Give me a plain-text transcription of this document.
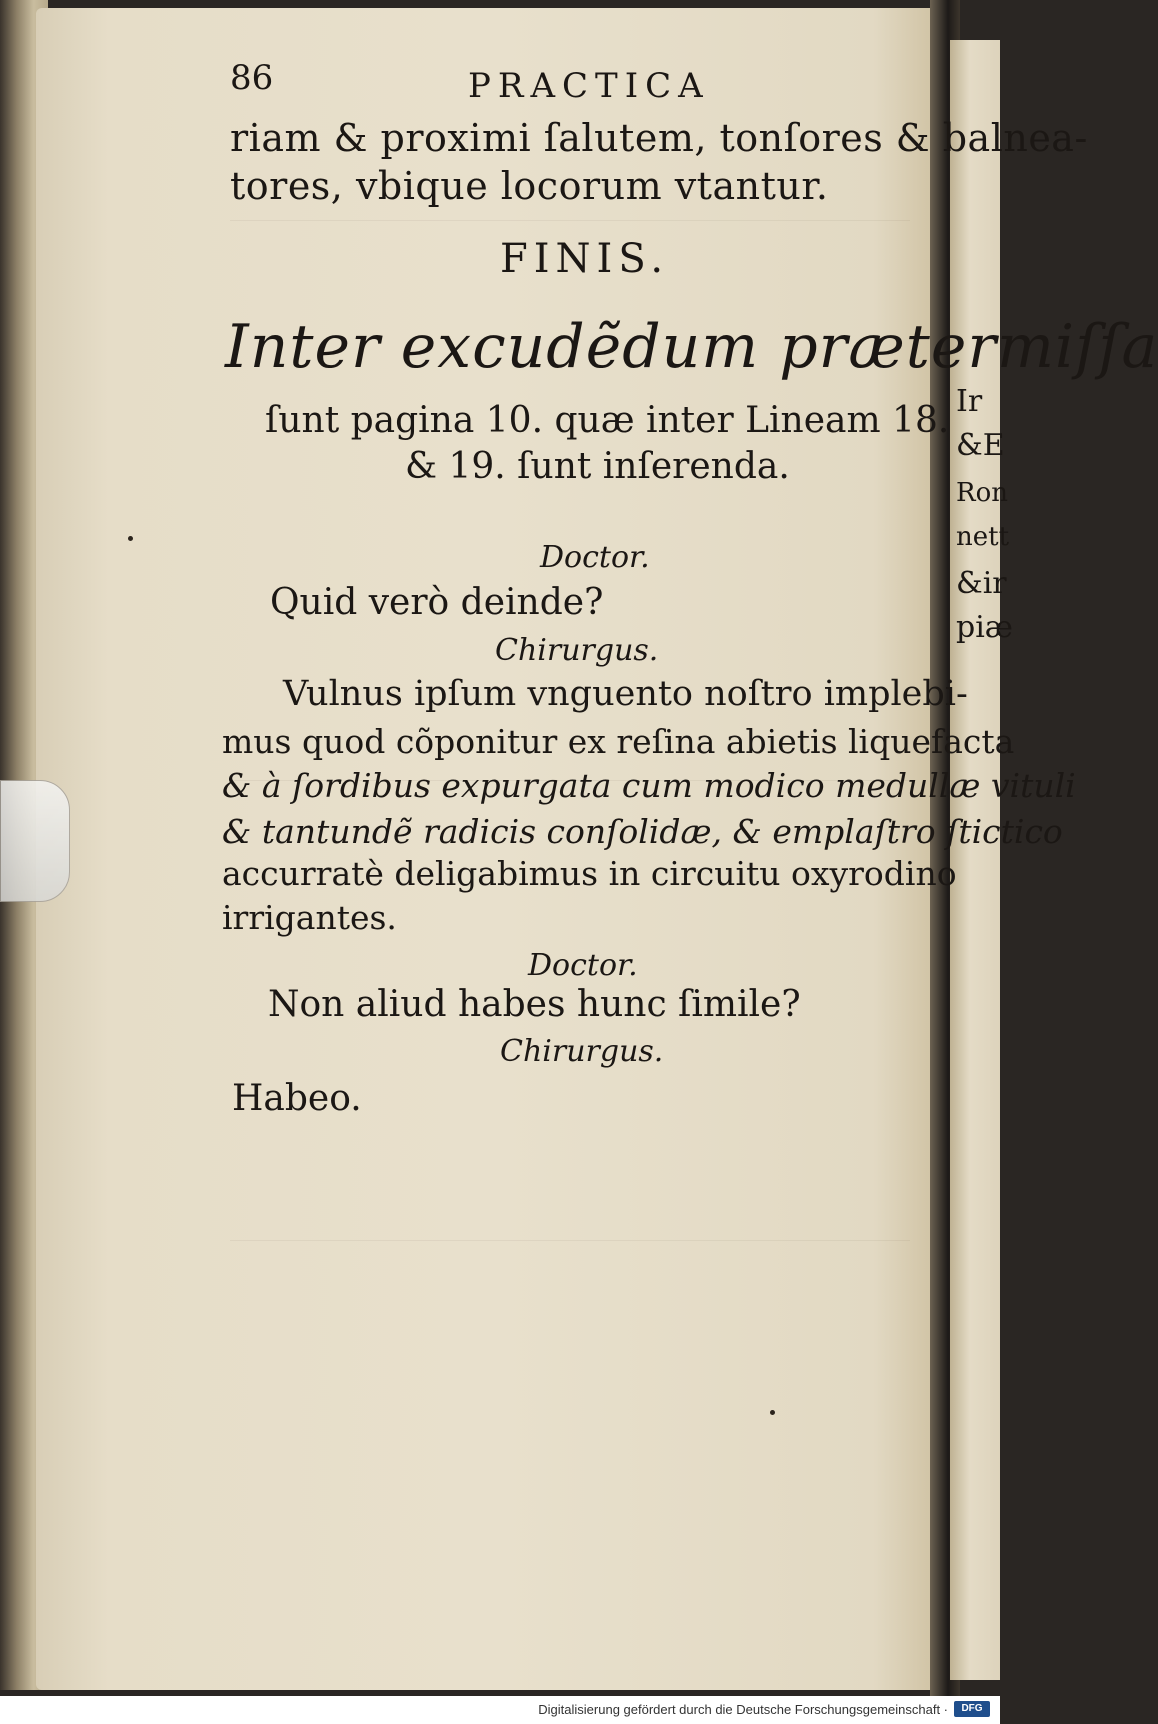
86	PRACTICA
riam & proximi ſalutem, tonſores & balnea-
tores, vbique locorum vtantur.
FINIS.
Inter excudẽdum prætermiſſa
ſunt pagina 10. quæ inter Lineam 18.
& 19. ſunt inſerenda.
Doctor.
Quid verò deinde?
Chirurgus.
Vulnus ipſum vnguento noſtro implebi-
mus quod cõponitur ex reſina abietis liquefacta
& à ſordibus expurgata cum modico medullæ vituli
& tantundẽ radicis conſolidæ, & emplaſtro ſtictico
accurratè deligabimus in circuitu oxyrodino
irrigantes.
Doctor.
Non aliud habes hunc ſimile?
Chirurgus.
Habeo.
Ir
&E
Ron
nett
&ir
piæ
Digitalisierung gefördert durch die Deutsche Forschungsgemeinschaft ·	DFG
